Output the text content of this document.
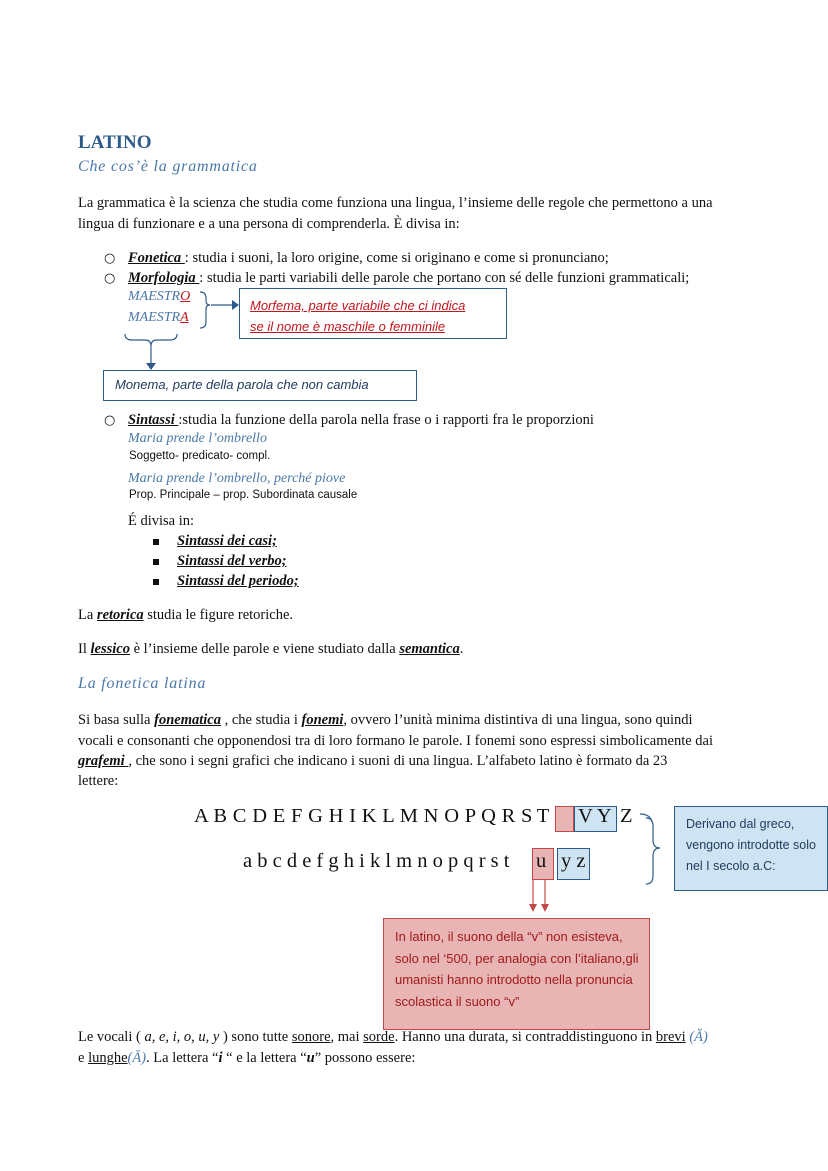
LATINO
Che cos’è la grammatica
La grammatica è la scienza che studia come funziona una lingua, l’insieme delle regole che permettono a una
lingua di funzionare e a una persona di comprenderla. È divisa in:
○ Fonetica : studia i suoni, la loro origine, come si originano e come si pronunciano;
○ Morfologia : studia le parti variabili delle parole che portano con sé delle funzioni grammaticali;
MAESTRO
MAESTRA
Morfema, parte variabile che ci indica
se il nome è maschile o femminile
Monema, parte della parola che non cambia
○ Sintassi :studia la funzione della parola nella frase o i rapporti fra le proporzioni
Maria prende l’ombrello
Soggetto- predicato- compl.
Maria prende l’ombrello, perché piove
Prop. Principale – prop. Subordinata causale
É divisa in:
Sintassi dei casi;
Sintassi del verbo;
Sintassi del periodo;
La retorica studia le figure retoriche.
Il lessico è l’insieme delle parole e viene studiato dalla semantica.
La fonetica latina
Si basa sulla fonematica , che studia i fonemi, ovvero l’unità minima distintiva di una lingua, sono quindi
vocali e consonanti che opponendosi tra di loro formano le parole. I fonemi sono espressi simbolicamente dai
grafemi , che sono i segni grafici che indicano i suoni di una lingua. L’alfabeto latino è formato da 23
lettere:
A B C D E F G H I K L M N O P Q R S T V Y Z
a b c d e f g h i k l m n o p q r s t u y z
Derivano dal greco, vengono introdotte solo nel I secolo a.C:
In latino, il suono della “v” non esisteva, solo nel ‘500, per analogia con l’italiano,gli umanisti hanno introdotto nella pronuncia scolastica il suono “v”
Le vocali ( a, e, i, o, u, y ) sono tutte sonore, mai sorde. Hanno una durata, si contraddistinguono in brevi (Ă)
e lunghe(Ā). La lettera “i “ e la lettera “u” possono essere:
